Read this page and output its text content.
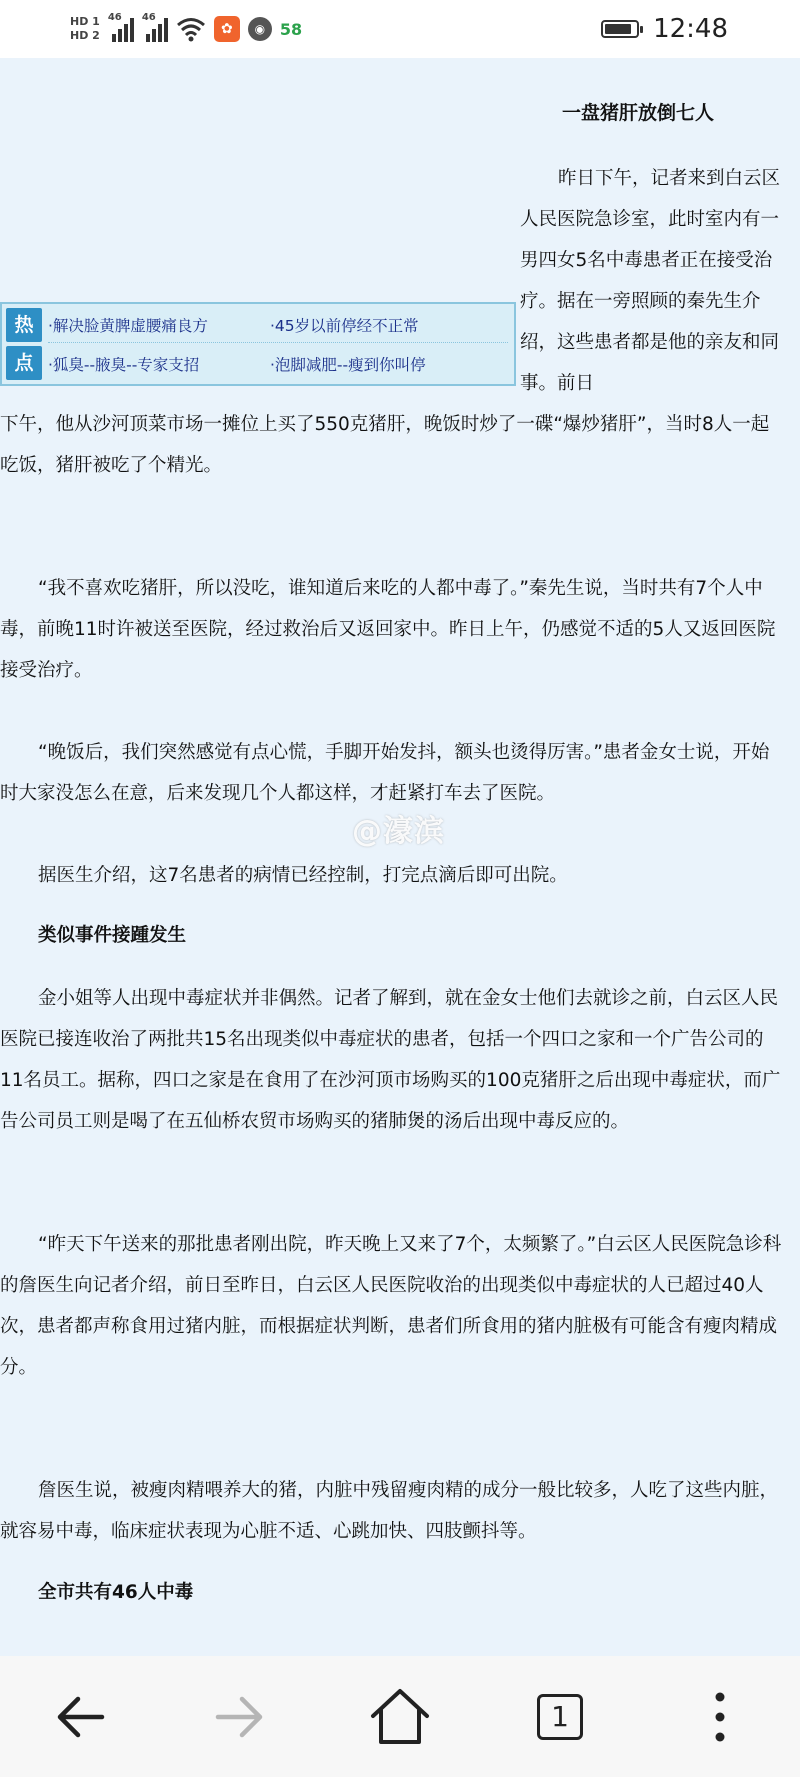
HD 1
HD 2
46 46
✿	◉ 58	12:48
一盘猪肝放倒七人

昨日下午，记者来到白云区人民医院急诊室，此时室内有一男四女5名中毒患者正在接受治疗。据在一旁照顾的秦先生介绍，这些患者都是他的亲友和同事。前日

热
点
·解决脸黄脾虚腰痛良方	·45岁以前停经不正常
·狐臭--腋臭--专家支招	·泡脚减肥--瘦到你叫停

下午，他从沙河顶菜市场一摊位上买了550克猪肝，晚饭时炒了一碟“爆炒猪肝”，当时8人一起吃饭，猪肝被吃了个精光。

“我不喜欢吃猪肝，所以没吃，谁知道后来吃的人都中毒了。”秦先生说，当时共有7个人中毒，前晚11时许被送至医院，经过救治后又返回家中。昨日上午，仍感觉不适的5人又返回医院接受治疗。

“晚饭后，我们突然感觉有点心慌，手脚开始发抖，额头也烫得厉害。”患者金女士说，开始时大家没怎么在意，后来发现几个人都这样，才赶紧打车去了医院。

据医生介绍，这7名患者的病情已经控制，打完点滴后即可出院。

类似事件接踵发生

金小姐等人出现中毒症状并非偶然。记者了解到，就在金女士他们去就诊之前，白云区人民医院已接连收治了两批共15名出现类似中毒症状的患者，包括一个四口之家和一个广告公司的11名员工。据称，四口之家是在食用了在沙河顶市场购买的100克猪肝之后出现中毒症状，而广告公司员工则是喝了在五仙桥农贸市场购买的猪肺煲的汤后出现中毒反应的。

“昨天下午送来的那批患者刚出院，昨天晚上又来了7个，太频繁了。”白云区人民医院急诊科的詹医生向记者介绍，前日至昨日，白云区人民医院收治的出现类似中毒症状的人已超过40人次，患者都声称食用过猪内脏，而根据症状判断，患者们所食用的猪内脏极有可能含有瘦肉精成分。

詹医生说，被瘦肉精喂养大的猪，内脏中残留瘦肉精的成分一般比较多，人吃了这些内脏，就容易中毒，临床症状表现为心脏不适、心跳加快、四肢颤抖等。

全市共有46人中毒
@濠滨
1
